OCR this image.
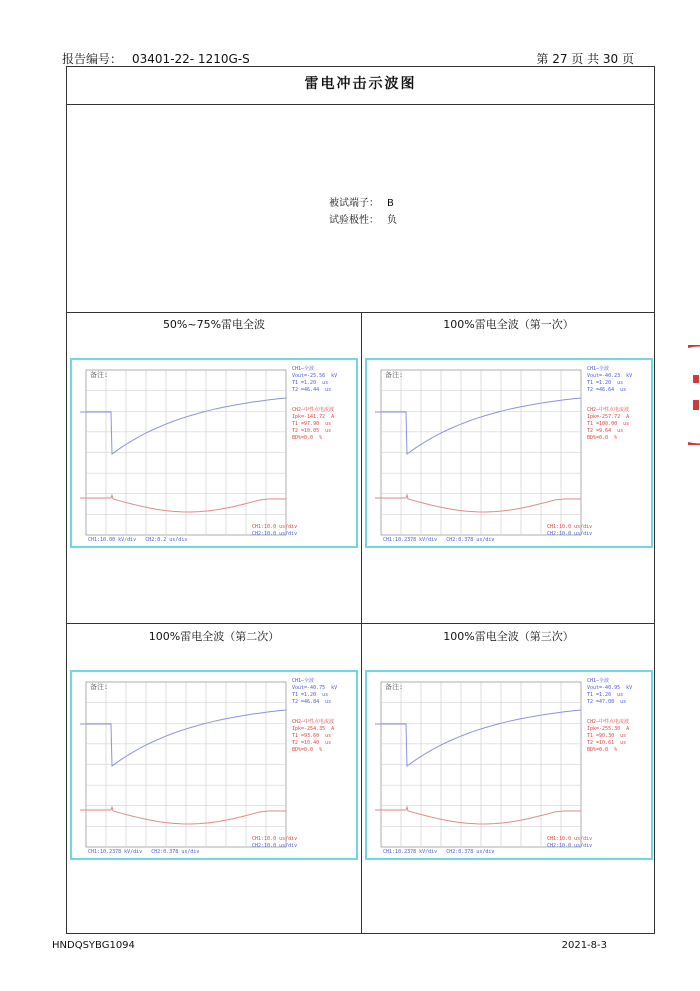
报告编号： 03401-22- 1210G-S	第 27 页 共 30 页
雷电冲击示波图
被试端子： B
试验极性： 负
50%~75%雷电全波
备注:
CH1—全波
Vout=-25.56  kV
T1 =1.20  us
T2 =46.44  us
CH2—中性点电流波
Ipk=-141.72  A
T1 =97.90  us
T2 =10.05  us
BD%=0.0  %
CH1:10.0 us/div
CH2:10.0 us/div
CH1:10.00 kV/div   CH2:0.2 us/div
100%雷电全波（第一次）
备注:
CH1—全波
Vout=-40.23  kV
T1 =1.20  us
T2 =46.64  us
CH2—中性点电流波
Ipk=-257.72  A
T1 =100.00  us
T2 =9.64  us
BD%=0.0  %
CH1:10.0 us/div
CH2:10.0 us/div
CH1:10.2378 kV/div   CH2:0.378 us/div
100%雷电全波（第二次）
备注:
CH1—全波
Vout=-40.75  kV
T1 =1.20  us
T2 =46.84  us
CH2—中性点电流波
Ipk=-254.35  A
T1 =93.60  us
T2 =10.40  us
BD%=0.0  %
CH1:10.0 us/div
CH2:10.0 us/div
CH1:10.2378 kV/div   CH2:0.378 us/div
100%雷电全波（第三次）
备注:
CH1—全波
Vout=-40.95  kV
T1 =1.20  us
T2 =47.08  us
CH2—中性点电流波
Ipk=-255.30  A
T1 =90.30  us
T2 =10.61  us
BD%=0.0  %
CH1:10.0 us/div
CH2:10.0 us/div
CH1:10.2378 kV/div   CH2:0.378 us/div
HNDQSYBG1094	2021-8-3
